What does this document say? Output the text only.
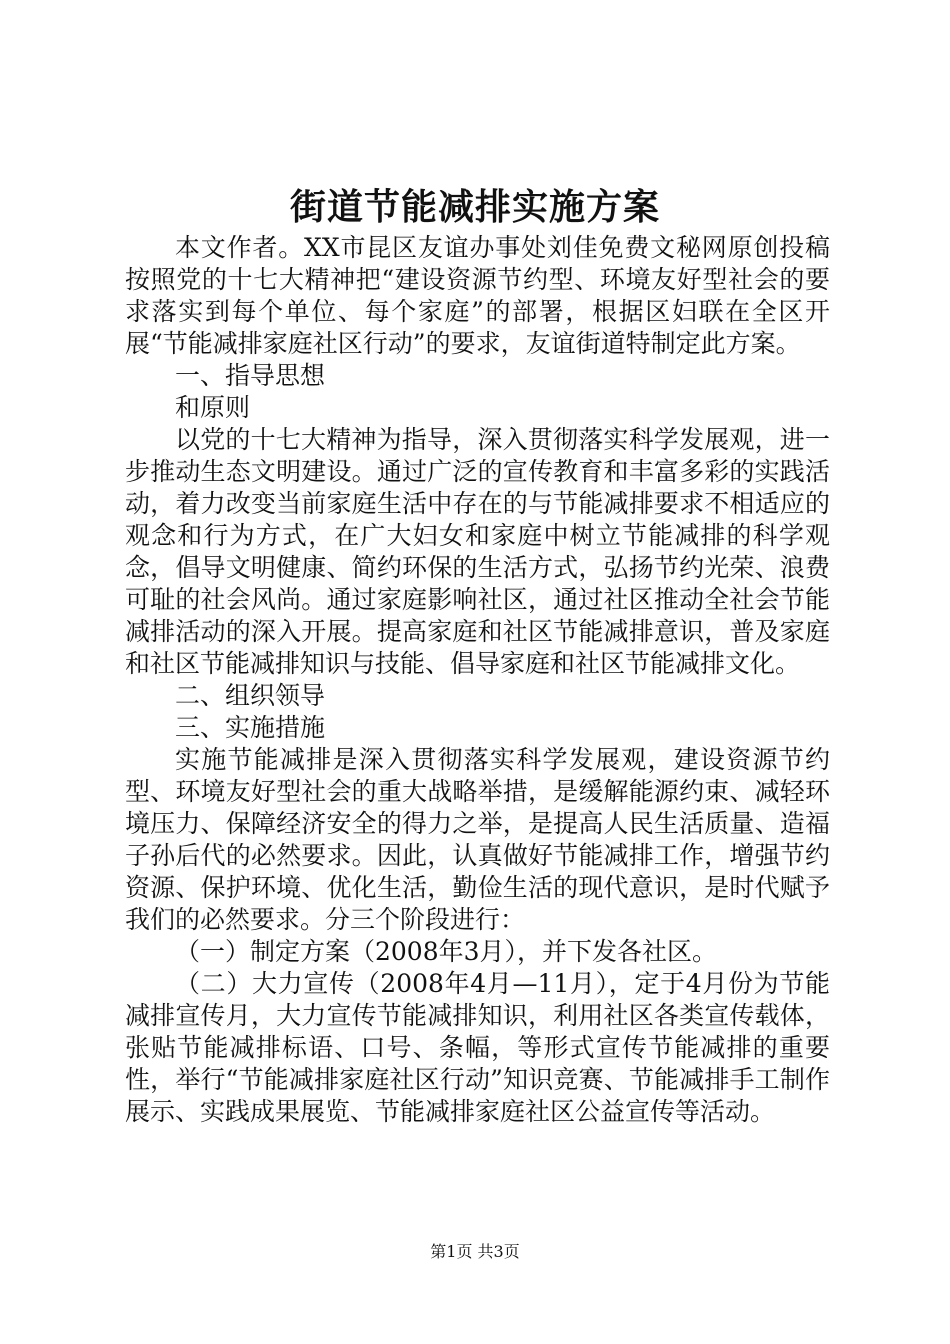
街道节能减排实施方案

本文作者。XX市昆区友谊办事处刘佳免费文秘网原创投稿按照党的十七大精神把“建设资源节约型、环境友好型社会的要求落实到每个单位、每个家庭”的部署，根据区妇联在全区开展“节能减排家庭社区行动”的要求，友谊街道特制定此方案。

一、指导思想

和原则

以党的十七大精神为指导，深入贯彻落实科学发展观，进一步推动生态文明建设。通过广泛的宣传教育和丰富多彩的实践活动，着力改变当前家庭生活中存在的与节能减排要求不相适应的观念和行为方式，在广大妇女和家庭中树立节能减排的科学观念，倡导文明健康、简约环保的生活方式，弘扬节约光荣、浪费可耻的社会风尚。通过家庭影响社区，通过社区推动全社会节能减排活动的深入开展。提高家庭和社区节能减排意识，普及家庭和社区节能减排知识与技能、倡导家庭和社区节能减排文化。

二、组织领导

三、实施措施

实施节能减排是深入贯彻落实科学发展观，建设资源节约型、环境友好型社会的重大战略举措，是缓解能源约束、减轻环境压力、保障经济安全的得力之举，是提高人民生活质量、造福子孙后代的必然要求。因此，认真做好节能减排工作，增强节约资源、保护环境、优化生活，勤俭生活的现代意识，是时代赋予我们的必然要求。分三个阶段进行：

（一）制定方案（2008年3月），并下发各社区。

（二）大力宣传（2008年4月—11月），定于4月份为节能减排宣传月，大力宣传节能减排知识，利用社区各类宣传载体，张贴节能减排标语、口号、条幅，等形式宣传节能减排的重要性，举行“节能减排家庭社区行动”知识竞赛、节能减排手工制作展示、实践成果展览、节能减排家庭社区公益宣传等活动。

第1页 共3页
